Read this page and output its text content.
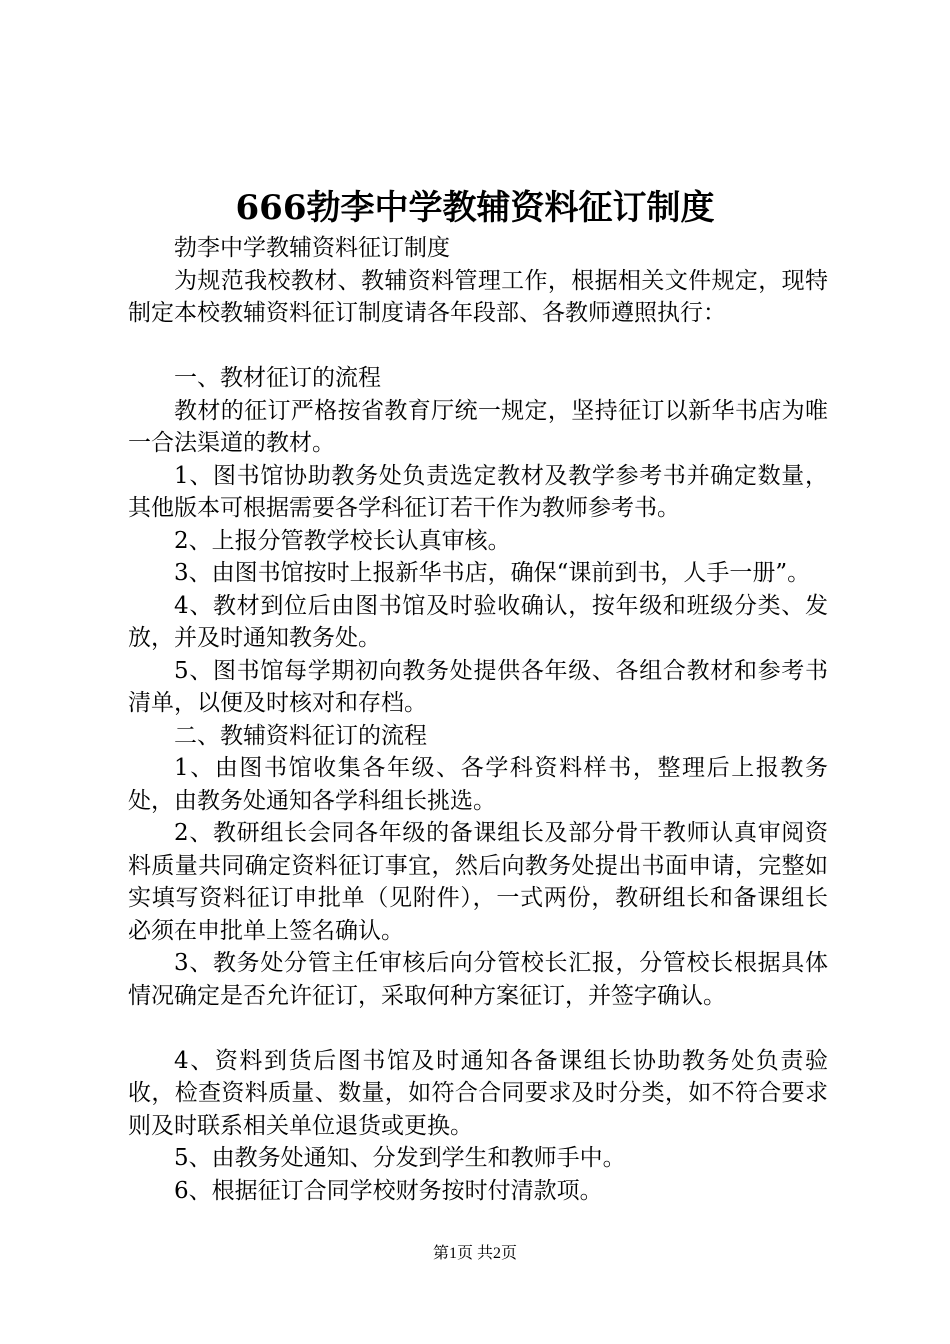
666勃李中学教辅资料征订制度

勃李中学教辅资料征订制度

为规范我校教材、教辅资料管理工作，根据相关文件规定，现特制定本校教辅资料征订制度请各年段部、各教师遵照执行：

一、教材征订的流程

教材的征订严格按省教育厅统一规定，坚持征订以新华书店为唯一合法渠道的教材。

1、图书馆协助教务处负责选定教材及教学参考书并确定数量，其他版本可根据需要各学科征订若干作为教师参考书。

2、上报分管教学校长认真审核。

3、由图书馆按时上报新华书店，确保“课前到书，人手一册”。

4、教材到位后由图书馆及时验收确认，按年级和班级分类、发放，并及时通知教务处。

5、图书馆每学期初向教务处提供各年级、各组合教材和参考书清单，以便及时核对和存档。

二、教辅资料征订的流程

1、由图书馆收集各年级、各学科资料样书，整理后上报教务处，由教务处通知各学科组长挑选。

2、教研组长会同各年级的备课组长及部分骨干教师认真审阅资料质量共同确定资料征订事宜，然后向教务处提出书面申请，完整如实填写资料征订申批单（见附件），一式两份，教研组长和备课组长必须在申批单上签名确认。

3、教务处分管主任审核后向分管校长汇报，分管校长根据具体情况确定是否允许征订，采取何种方案征订，并签字确认。

4、资料到货后图书馆及时通知各备课组长协助教务处负责验收，检查资料质量、数量，如符合合同要求及时分类，如不符合要求则及时联系相关单位退货或更换。

5、由教务处通知、分发到学生和教师手中。

6、根据征订合同学校财务按时付清款项。

第1页 共2页
